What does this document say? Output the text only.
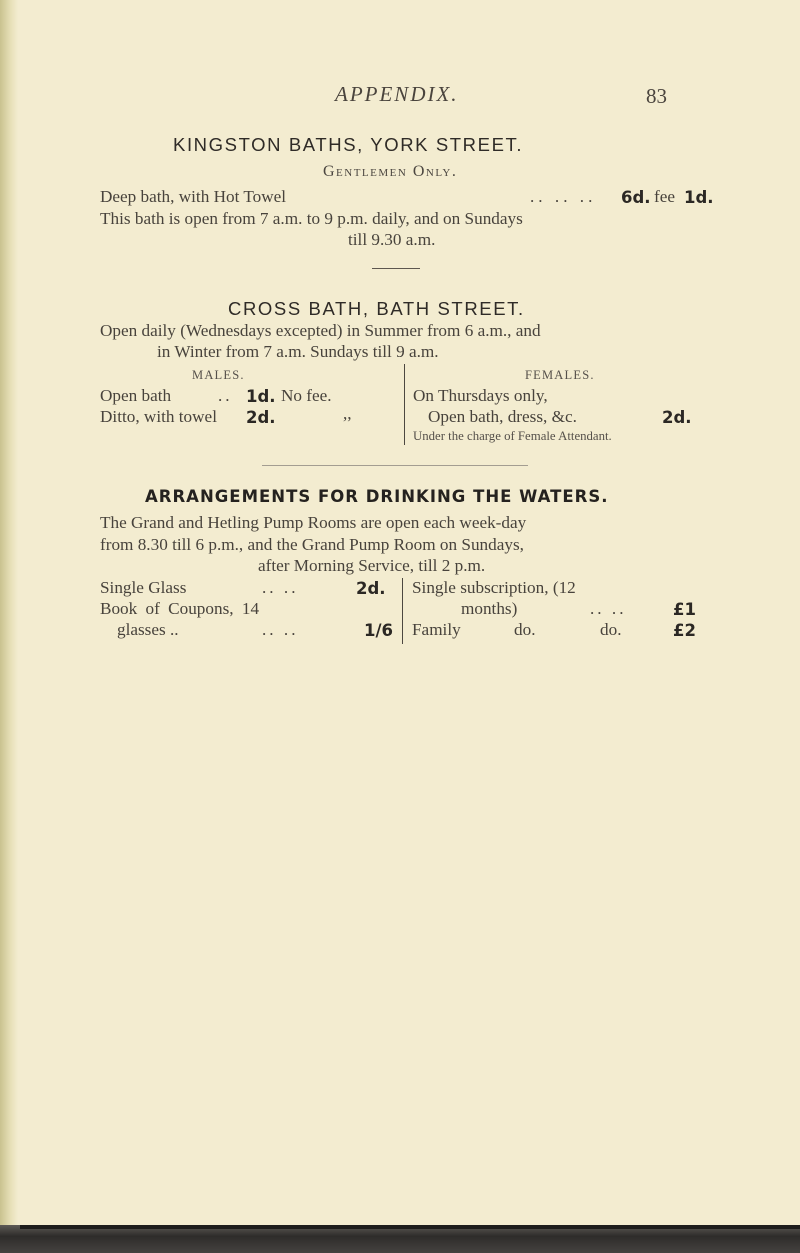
APPENDIX.	83
KINGSTON BATHS, YORK STREET.
Gentlemen Only.
Deep bath, with Hot Towel	.. .. .. 6d. fee 1d.
This bath is open from 7 a.m. to 9 p.m. daily, and on Sundays
till 9.30 a.m.
CROSS BATH, BATH STREET.
Open daily (Wednesdays excepted) in Summer from 6 a.m., and
in Winter from 7 a.m. Sundays till 9 a.m.
MALES.	FEMALES.
Open bath	.. 1d. No fee.
Ditto, with towel 2d.	,,
On Thursdays only,
Open bath, dress, &c.	2d.
Under the charge of Female Attendant.
ARRANGEMENTS FOR DRINKING THE WATERS.
The Grand and Hetling Pump Rooms are open each week-day
from 8.30 till 6 p.m., and the Grand Pump Room on Sundays,
after Morning Service, till 2 p.m.
Single Glass	.. ..	2d.
Book of Coupons, 14
glasses ..	.. ..	1/6
Single subscription, (12
months)	.. ..	£1
Family	do.	do.	£2
